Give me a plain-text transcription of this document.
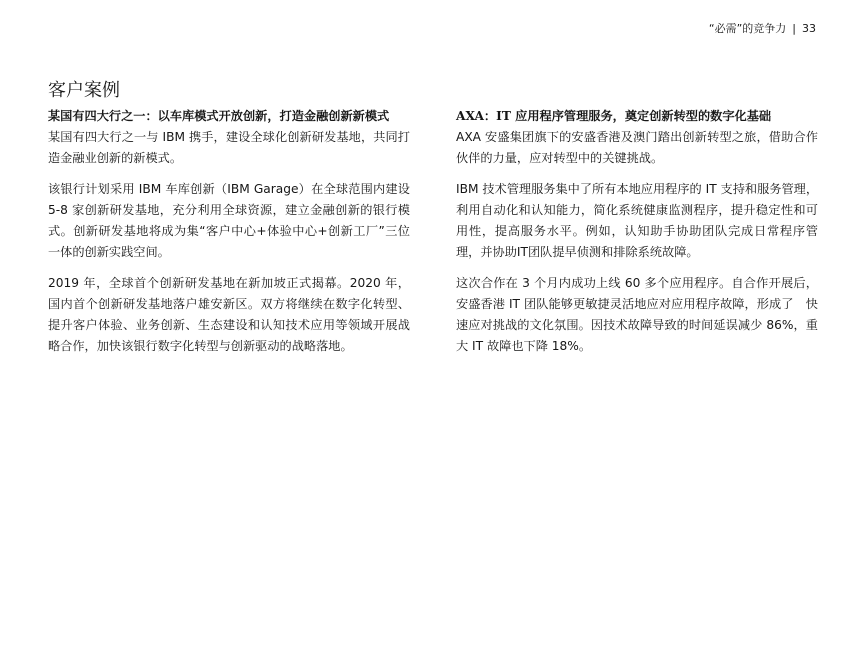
“必需”的竞争力 | 33
客户案例
某国有四大行之一：以车库模式开放创新，打造金融创新新模式

某国有四大行之一与 IBM 携手，建设全球化创新研发基地，共同打造金融业创新的新模式。

该银行计划采用 IBM 车库创新（IBM Garage）在全球范围内建设 5-8 家创新研发基地，充分利用全球资源，建立金融创新的银行模式。创新研发基地将成为集“客户中心+体验中心+创新工厂”三位一体的创新实践空间。

2019 年，全球首个创新研发基地在新加坡正式揭幕。2020 年，国内首个创新研发基地落户雄安新区。双方将继续在数字化转型、提升客户体验、业务创新、生态建设和认知技术应用等领域开展战略合作，加快该银行数字化转型与创新驱动的战略落地。

AXA：IT 应用程序管理服务，奠定创新转型的数字化基础

AXA 安盛集团旗下的安盛香港及澳门踏出创新转型之旅，借助合作伙伴的力量，应对转型中的关键挑战。

IBM 技术管理服务集中了所有本地应用程序的 IT 支持和服务管理，利用自动化和认知能力，简化系统健康监测程序，提升稳定性和可用性，提高服务水平。例如，认知助手协助团队完成日常程序管理，并协助IT团队提早侦测和排除系统故障。

这次合作在 3 个月内成功上线 60 多个应用程序。自合作开展后，安盛香港 IT 团队能够更敏捷灵活地应对应用程序故障，形成了　快速应对挑战的文化氛围。因技术故障导致的时间延误减少 86%，重大 IT 故障也下降 18%。
